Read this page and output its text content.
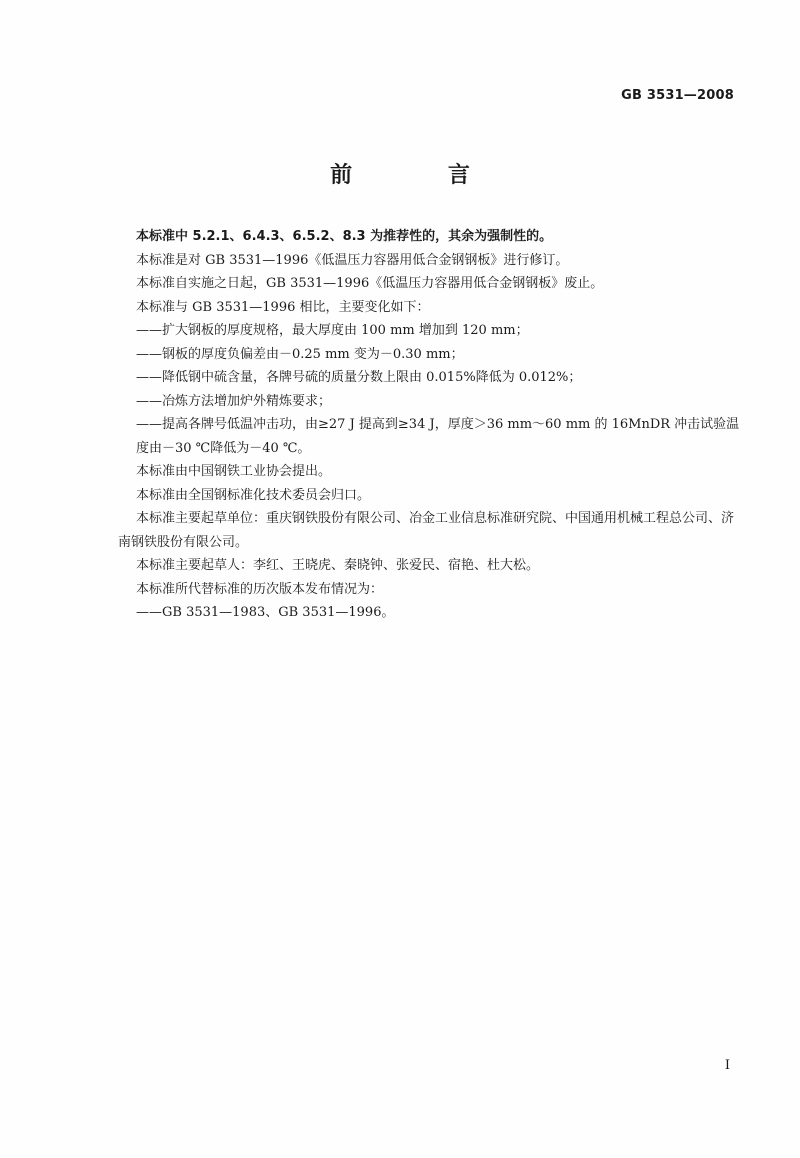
GB 3531—2008
前 言

本标准中 5.2.1、6.4.3、6.5.2、8.3 为推荐性的，其余为强制性的。

本标准是对 GB 3531—1996《低温压力容器用低合金钢钢板》进行修订。

本标准自实施之日起，GB 3531—1996《低温压力容器用低合金钢钢板》废止。

本标准与 GB 3531—1996 相比，主要变化如下：

——扩大钢板的厚度规格，最大厚度由 100 mm 增加到 120 mm；

——钢板的厚度负偏差由－0.25 mm 变为－0.30 mm；

——降低钢中硫含量，各牌号硫的质量分数上限由 0.015%降低为 0.012%；

——冶炼方法增加炉外精炼要求；

——提高各牌号低温冲击功，由≥27 J 提高到≥34 J，厚度＞36 mm～60 mm 的 16MnDR 冲击试验温度由－30 ℃降低为－40 ℃。

本标准由中国钢铁工业协会提出。

本标准由全国钢标准化技术委员会归口。

本标准主要起草单位：重庆钢铁股份有限公司、冶金工业信息标准研究院、中国通用机械工程总公司、济南钢铁股份有限公司。

本标准主要起草人：李红、王晓虎、秦晓钟、张爱民、宿艳、杜大松。

本标准所代替标准的历次版本发布情况为：

——GB 3531—1983、GB 3531—1996。

I
